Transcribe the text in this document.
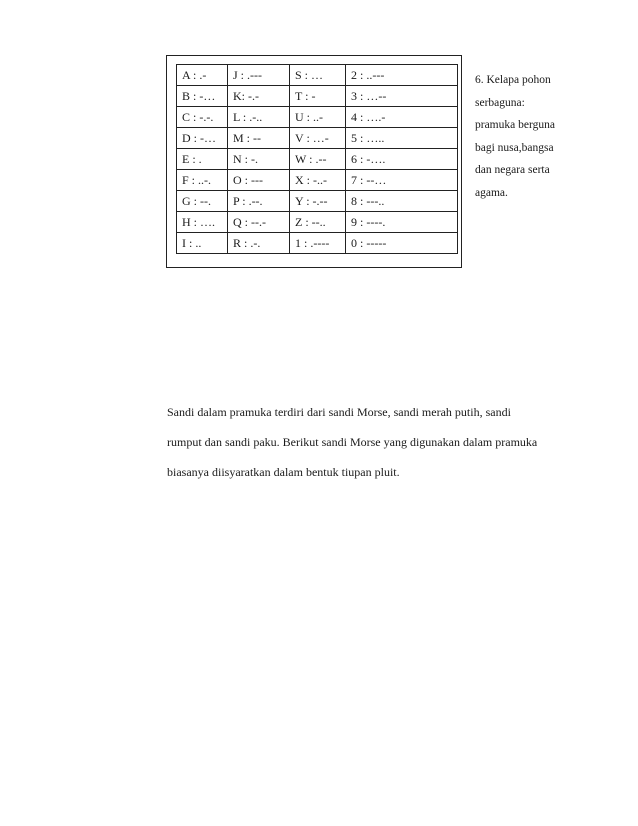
A : .-	J : .---	S : …	2 : ..---
B : -…	K: -.-	T : -	3 : …--
C : -.-.	L : .-..	U : ..-	4 : ….-
D : -…	M : --	V : …-	5 : …..
E : .	N : -.	W : .--	6 : -….
F : ..-.	O : ---	X : -..-	7 : --…
G : --.	P : .--.	Y : -.--	8 : ---..
H : ….	Q : --.-	Z : --..	9 : ----.
I : ..	R : .-.	1 : .----	0 : -----
6. Kelapa pohon
serbaguna:
pramuka berguna
bagi nusa,bangsa
dan negara serta
agama.
Sandi dalam pramuka terdiri dari sandi Morse, sandi merah putih, sandi
rumput dan sandi paku. Berikut sandi Morse yang digunakan dalam pramuka
biasanya diisyaratkan dalam bentuk tiupan pluit.
